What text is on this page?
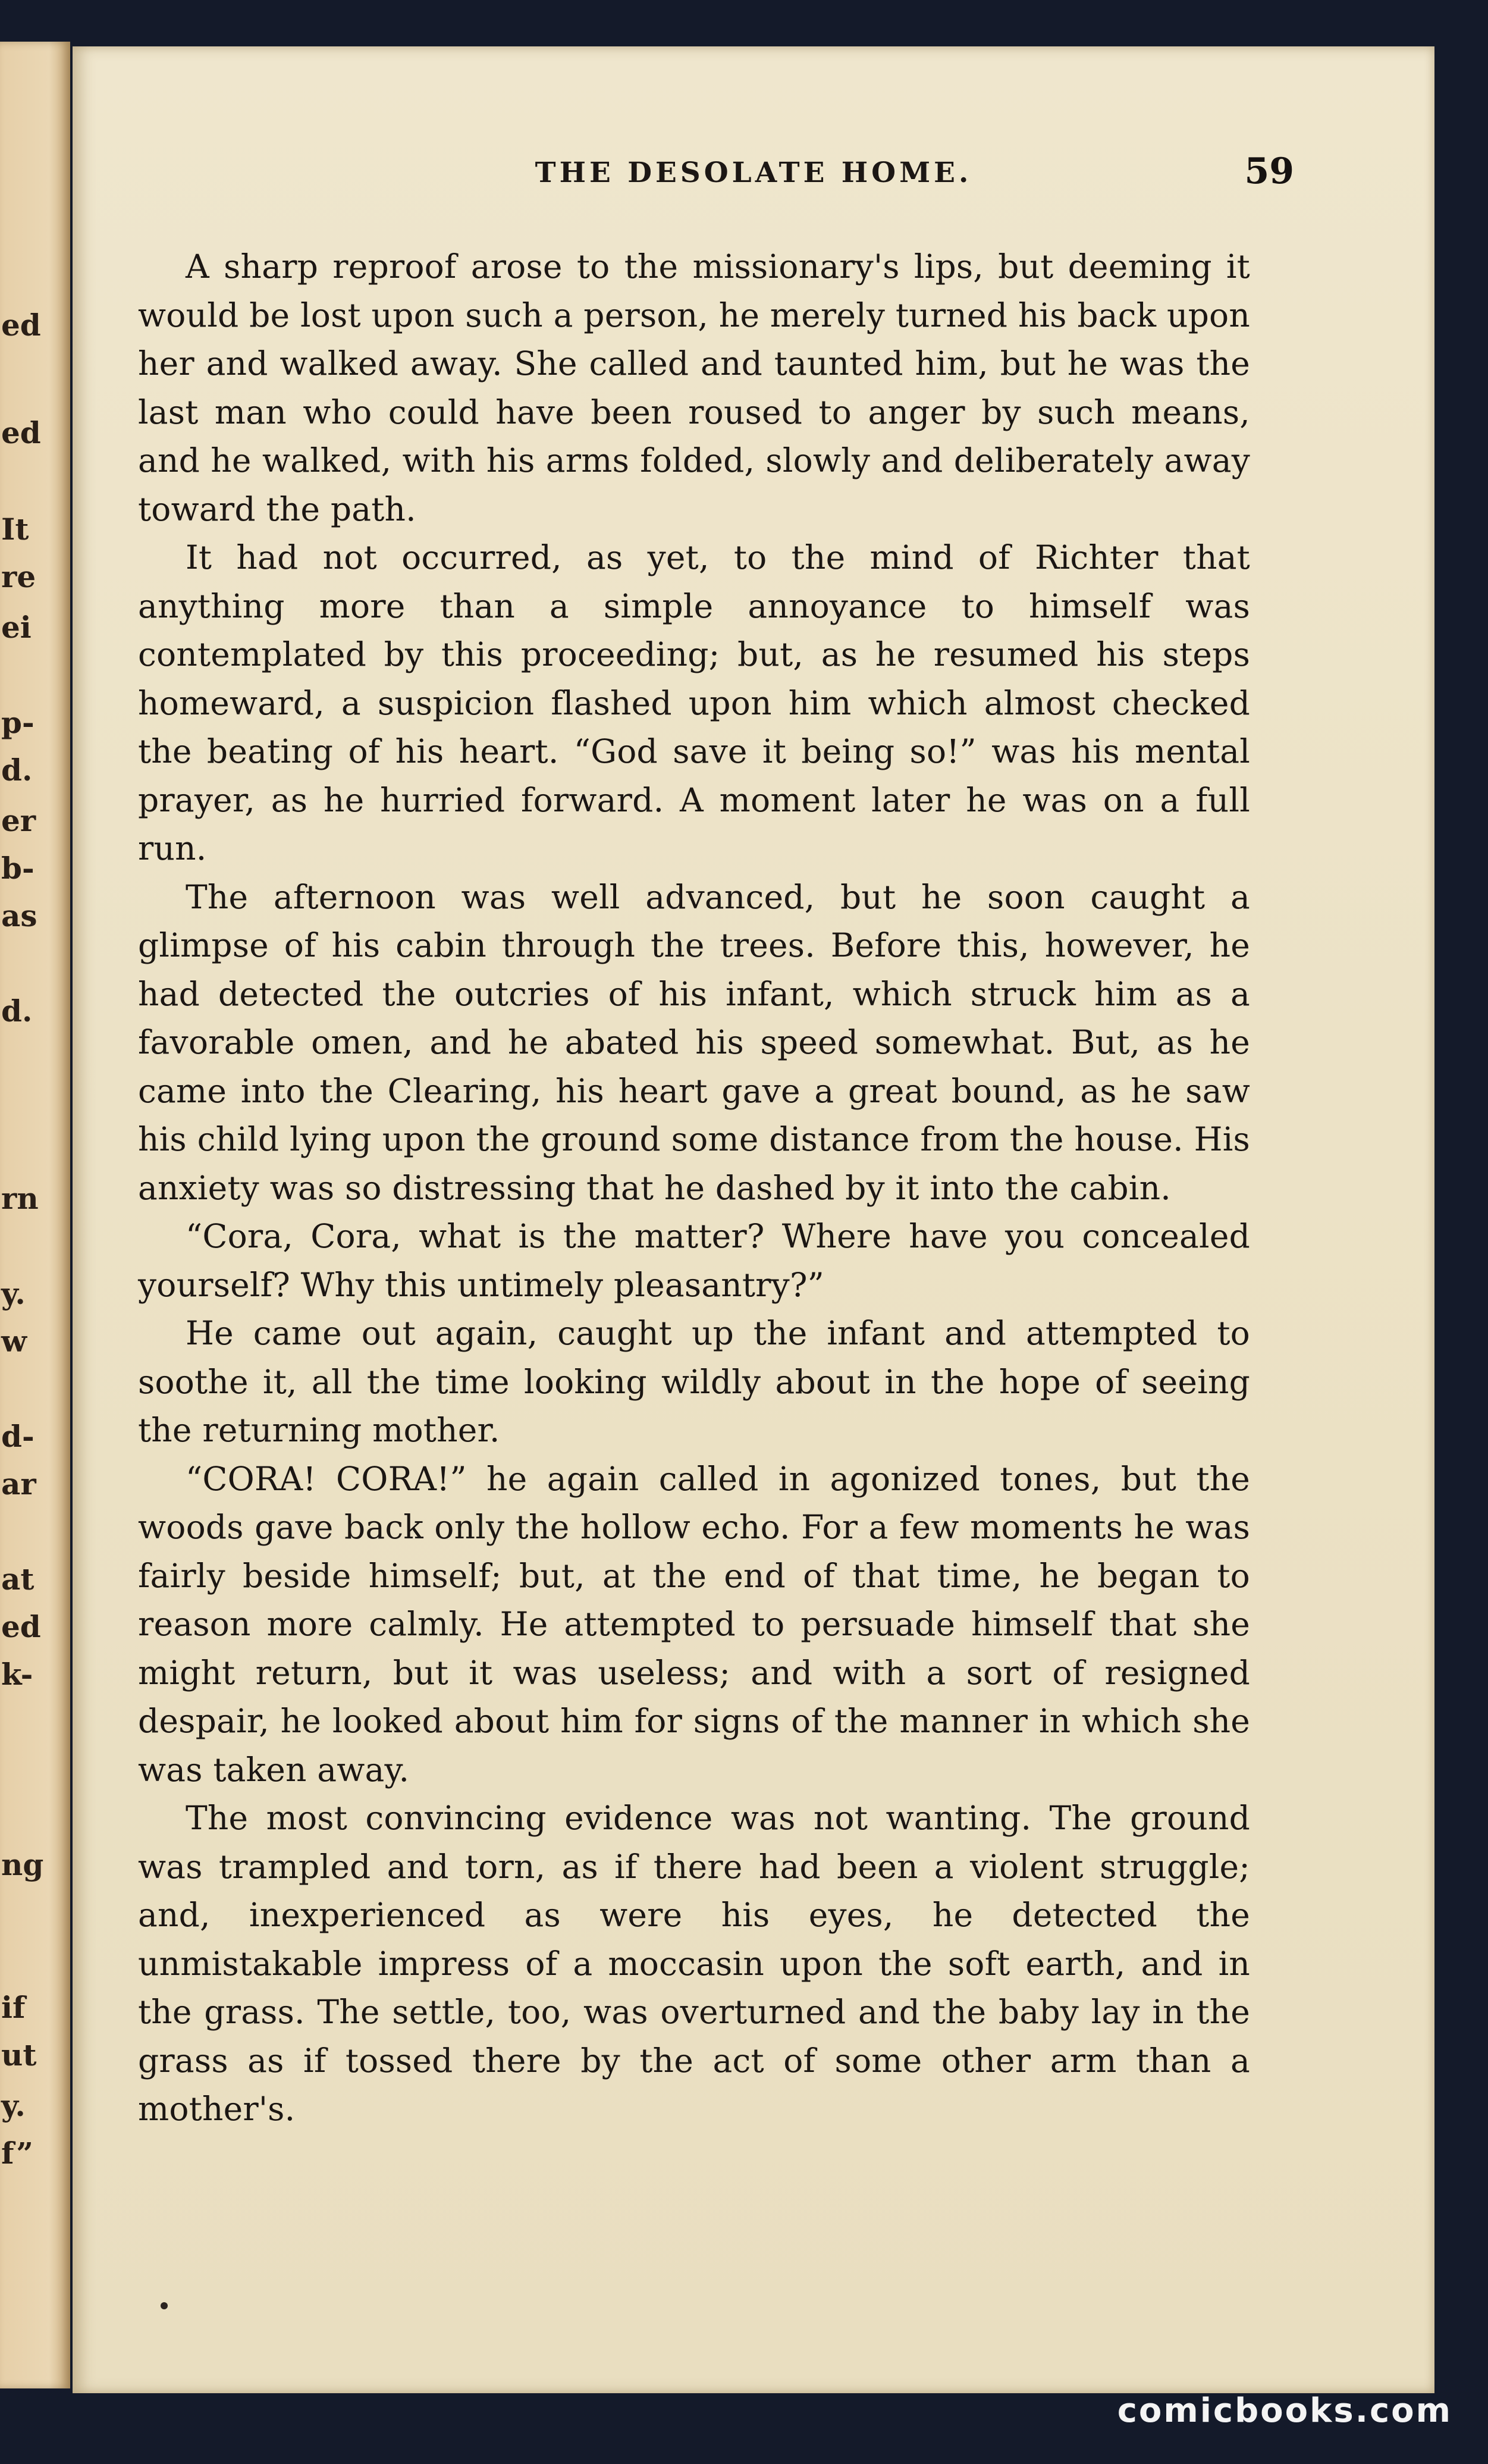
ed

ed

It

re

ei

p-

d.

er

b-

as

d.

rn

y.

w

d-

ar

at

ed

k-

ng

if

ut

y.

f”

THE DESOLATE HOME.	59

A sharp reproof arose to the missionary's lips, but deeming it would be lost upon such a person, he merely turned his back upon her and walked away. She called and taunted him, but he was the last man who could have been roused to anger by such means, and he walked, with his arms folded, slowly and deliberately away toward the path.

It had not occurred, as yet, to the mind of Richter that anything more than a simple annoyance to himself was contemplated by this proceeding; but, as he resumed his steps homeward, a suspicion flashed upon him which almost checked the beating of his heart. “God save it being so!” was his mental prayer, as he hurried forward. A moment later he was on a full run.

The afternoon was well advanced, but he soon caught a glimpse of his cabin through the trees. Before this, however, he had detected the outcries of his infant, which struck him as a favorable omen, and he abated his speed somewhat. But, as he came into the Clearing, his heart gave a great bound, as he saw his child lying upon the ground some distance from the house. His anxiety was so distressing that he dashed by it into the cabin.

“Cora, Cora, what is the matter? Where have you concealed yourself? Why this untimely pleasantry?”

He came out again, caught up the infant and attempted to soothe it, all the time looking wildly about in the hope of seeing the returning mother.

“CORA! CORA!” he again called in agonized tones, but the woods gave back only the hollow echo. For a few moments he was fairly beside himself; but, at the end of that time, he began to reason more calmly. He attempted to persuade himself that she might return, but it was useless; and with a sort of resigned despair, he looked about him for signs of the manner in which she was taken away.

The most convincing evidence was not wanting. The ground was trampled and torn, as if there had been a violent struggle; and, inexperienced as were his eyes, he detected the unmistakable impress of a moccasin upon the soft earth, and in the grass. The settle, too, was overturned and the baby lay in the grass as if tossed there by the act of some other arm than a mother's.

comicbooks.com
